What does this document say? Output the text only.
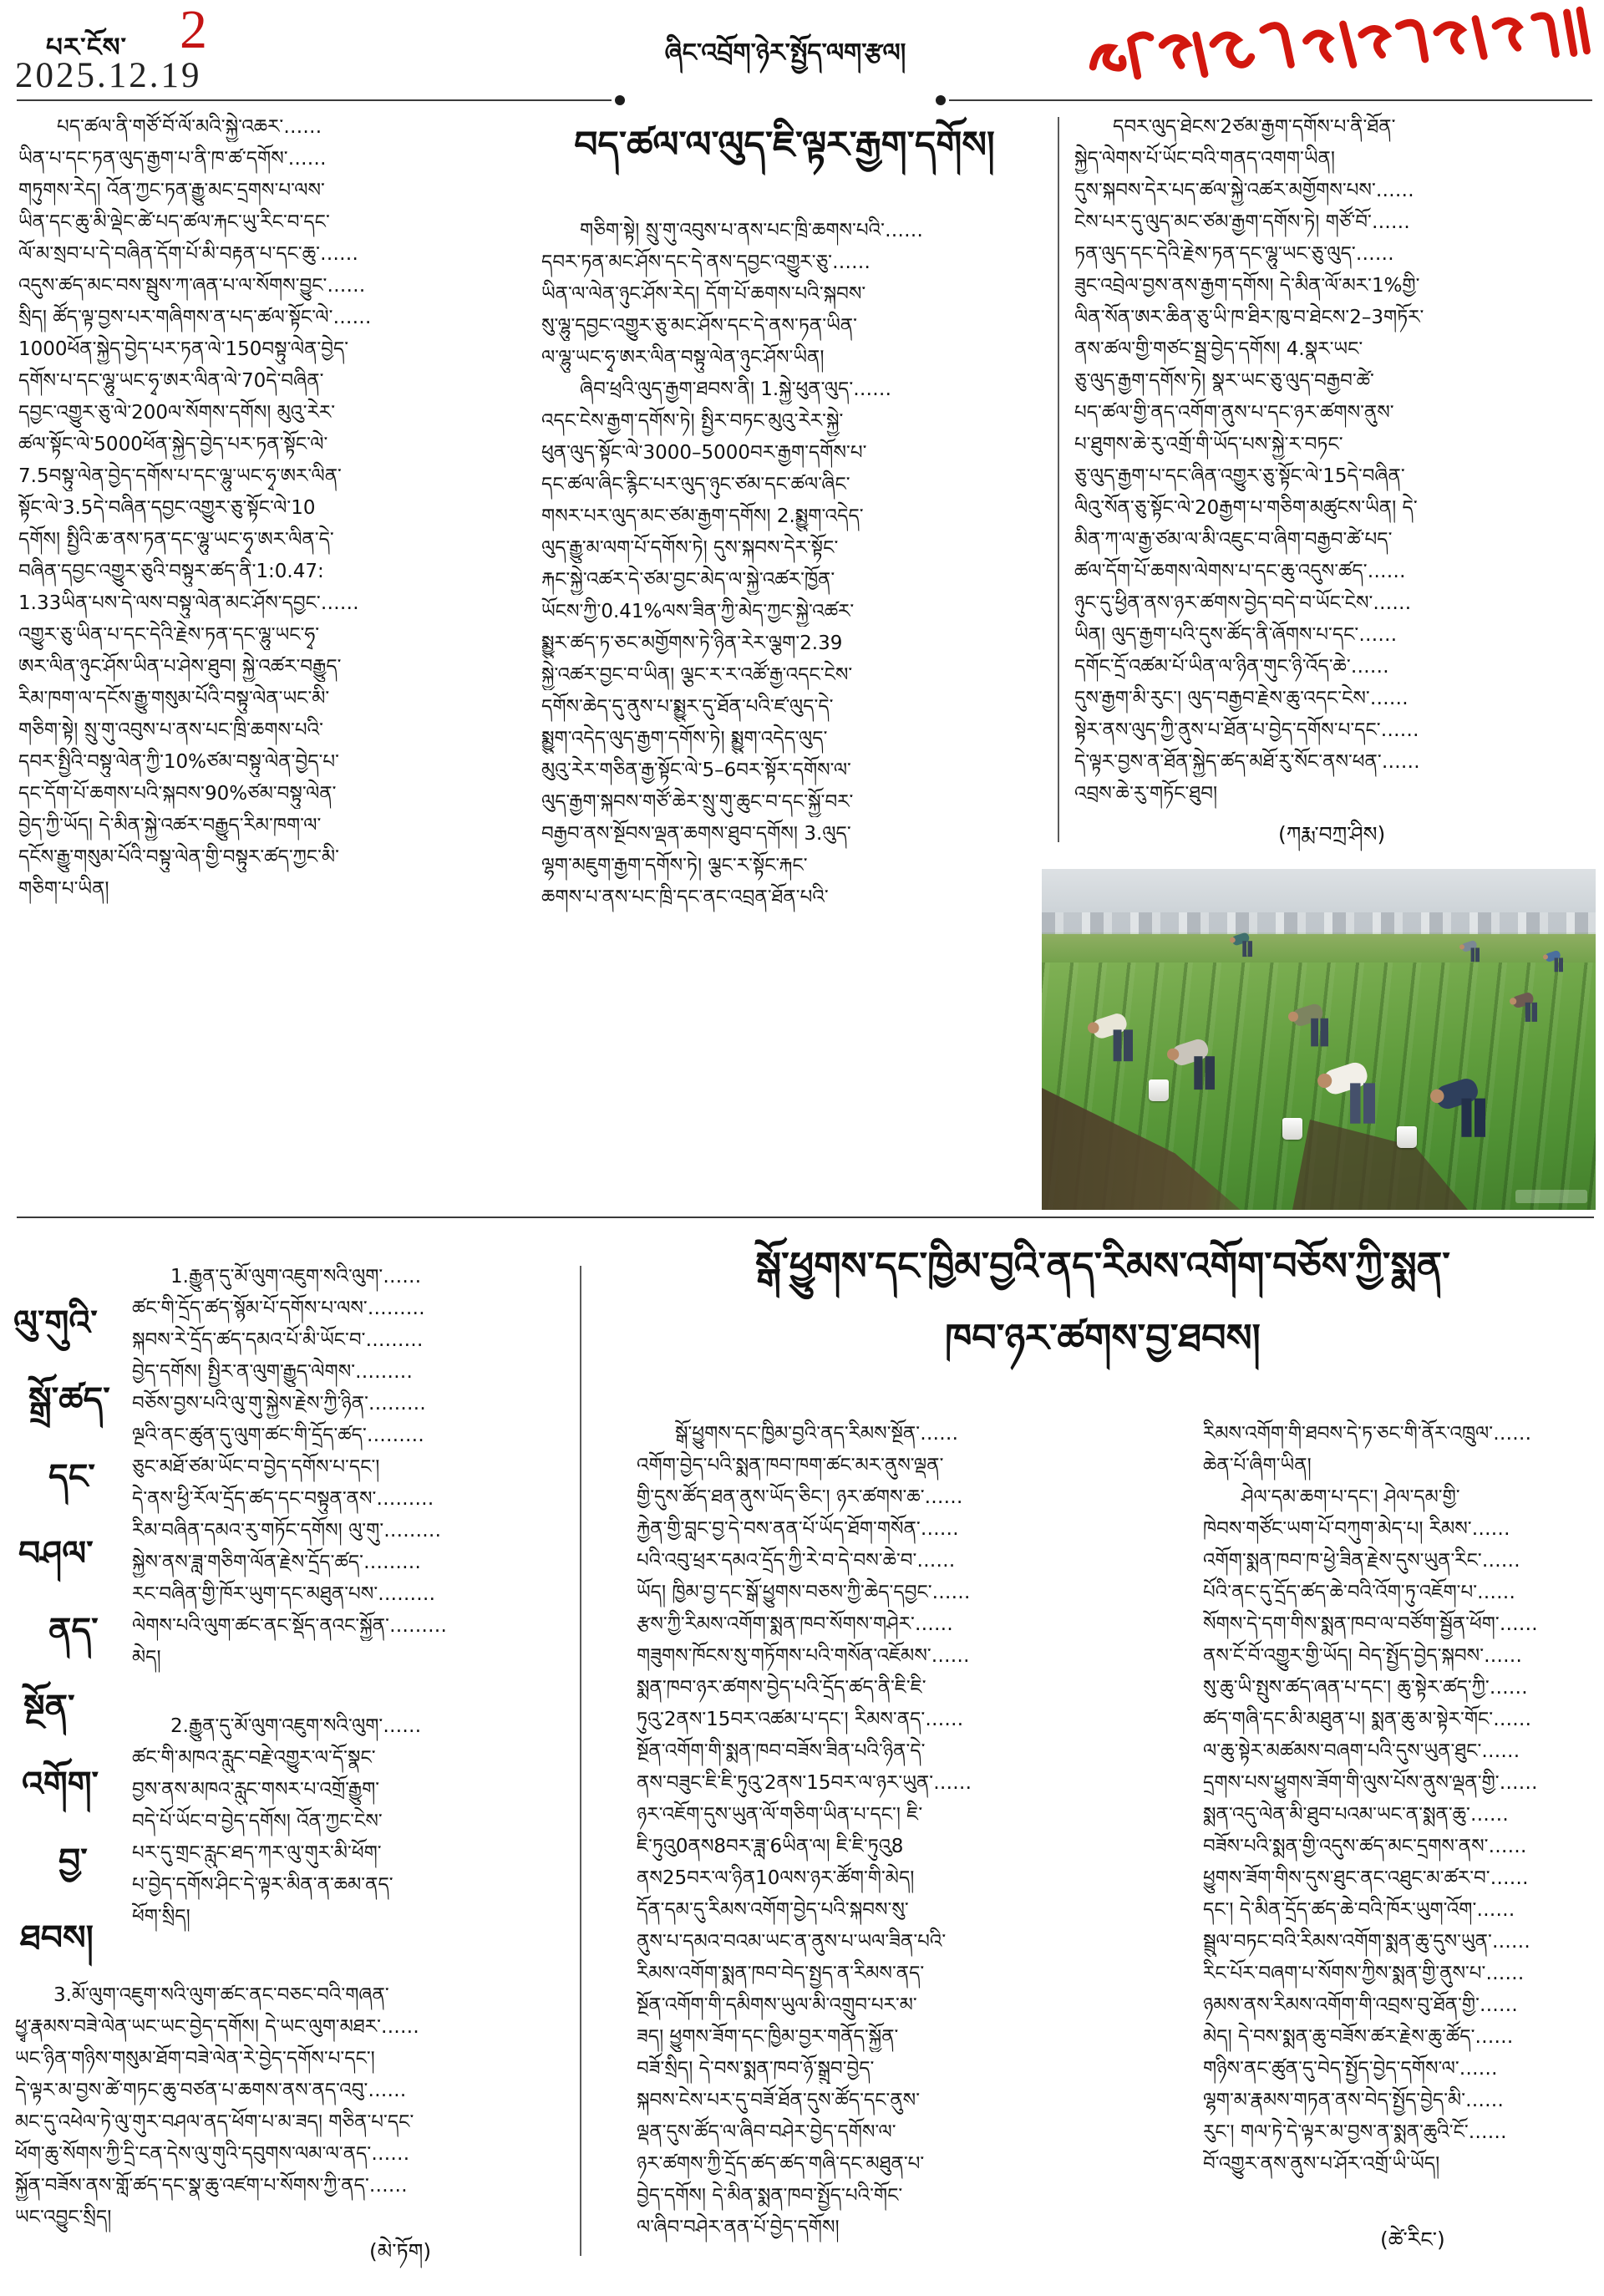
པར་ངོས་ 2
2025.12.19
ཞིང་འབྲོག་ཉེར་སྤྱོད་ལག་རྩལ།
  པད་ཚལ་ནི་གཙོ་བོ་ལོ་མའི་སྐྱེ་འཆར་……
ཡིན་པ་དང་ཏན་ལུད་རྒྱག་པ་ནི་ཁ་ཚ་དགོས་……
གཏུགས་རེད། འོན་ཀྱང་ཏན་རྒྱུ་མང་དྲགས་པ་ལས་
ཡིན་དང་ཆུ་མི་ལྡེང་ཚེ་པད་ཚལ་རྐང་ཡུ་རིང་བ་དང་
ལོ་མ་སྲབ་པ་དེ་བཞིན་དོག་པོ་མི་བརྟན་པ་དང་ཆུ་……
འདུས་ཚད་མང་བས་སྦུས་ཀ་ཞན་པ་ལ་སོགས་བྱུང་……
སྲིད། ཚོད་ལྟ་བྱས་པར་གཞིགས་ན་པད་ཚལ་སྟོང་ལེ་……
1000ཕོན་སྐྱེད་བྱེད་པར་ཏན་ལེ་150བསྟུ་ལེན་བྱེད་
དགོས་པ་དང་ལྷུ་ཡང་ཧྭ་ཨར་ལིན་ལེ་70དེ་བཞིན་
དབྱང་འགྱུར་ཅུ་ལེ་200ལ་སོགས་དགོས། མུའུ་རེར་
ཚལ་སྟོང་ལེ་5000ཕོན་སྐྱེད་བྱེད་པར་ཏན་སྟོང་ལེ་
7.5བསྟུ་ལེན་བྱེད་དགོས་པ་དང་ལྷུ་ཡང་ཧྭ་ཨར་ལིན་
སྟོང་ལེ་3.5དེ་བཞིན་དབྱང་འགྱུར་ཅུ་སྟོང་ལེ་10
དགོས། སྤྱིའི་ཆ་ནས་ཏན་དང་ལྷུ་ཡང་ཧྭ་ཨར་ལིན་དེ་
བཞིན་དབྱང་འགྱུར་ཅུའི་བསྟུར་ཚད་ནི་1:0.47:
1.33ཡིན་པས་དེ་ལས་བསྟུ་ལེན་མང་ཤོས་དབྱང་……
འགྱུར་ཅུ་ཡིན་པ་དང་དེའི་རྗེས་ཏན་དང་ལྷུ་ཡང་ཧྭ་
ཨར་ལིན་ཉུང་ཤོས་ཡིན་པ་ཤེས་ཐུབ། སྐྱེ་འཚར་བརྒྱུད་
རིམ་ཁག་ལ་དངོས་རྒྱུ་གསུམ་པོའི་བསྟུ་ལེན་ཡང་མི་
གཅིག་སྟེ། སྲུ་གུ་འབུས་པ་ནས་པང་ཁྲི་ཆགས་པའི་
དབར་སྤྱིའི་བསྟུ་ལེན་ཀྱི་10%ཙམ་བསྟུ་ལེན་བྱེད་པ་
དང་དོག་པོ་ཆགས་པའི་སྐབས་90%ཙམ་བསྟུ་ལེན་
བྱེད་ཀྱི་ཡོད། དེ་མིན་སྐྱེ་འཚར་བརྒྱུད་རིམ་ཁག་ལ་
དངོས་རྒྱུ་གསུམ་པོའི་བསྟུ་ལེན་གྱི་བསྟུར་ཚད་ཀྱང་མི་
གཅིག་པ་ཡིན།
བད་ཚལ་ལ་ལུད་ཇི་ལྟར་རྒྱག་དགོས།
  གཅིག་སྟེ། སྲུ་གུ་འབུས་པ་ནས་པང་ཁྲི་ཆགས་པའི་……
དབར་ཏན་མང་ཤོས་དང་དེ་ནས་དབྱང་འགྱུར་ཅུ་……
ཡིན་ལ་ལེན་ཉུང་ཤོས་རེད། དོག་པོ་ཆགས་པའི་སྐབས་
སུ་ལྷུ་དབྱང་འགྱུར་ཅུ་མང་ཤོས་དང་དེ་ནས་ཏན་ཡིན་
ལ་ལྷུ་ཡང་ཧྭ་ཨར་ལིན་བསྟུ་ལེན་ཉུང་ཤོས་ཡིན།
  ཞིབ་ཕྲའི་ལུད་རྒྱག་ཐབས་ནི། 1.སྐྱེ་ཕུན་ལུད་……
འདང་ངེས་རྒྱག་དགོས་ཏེ། སྤྱིར་བཏང་མུའུ་རེར་སྐྱེ་
ཕུན་ལུད་སྟོང་ལེ་3000–5000བར་རྒྱག་དགོས་པ་
དང་ཚལ་ཞིང་རྙིང་པར་ལུད་ཉུང་ཙམ་དང་ཚལ་ཞིང་
གསར་པར་ལུད་མང་ཙམ་རྒྱག་དགོས། 2.སྨྱུག་འདེད་
ལུད་རྒྱུ་མ་ལག་པོ་དགོས་ཏེ། དུས་སྐབས་དེར་སྟོང་
རྐང་སྐྱེ་འཚར་དེ་ཙམ་བྱང་མེད་ལ་སྐྱེ་འཚར་ཁྱོན་
ཡོངས་ཀྱི་0.41%ལས་ཟིན་ཀྱི་མེད་ཀྱང་སྐྱེ་འཚར་
སྨྱུར་ཚད་ཏ་ཅང་མགྱོགས་ཏེ་ཉིན་རེར་ལྕག་2.39
སྐྱེ་འཚར་བྱང་བ་ཡིན། ལྕང་ར་ར་འཚོ་རྒྱ་འདང་ངེས་
དགོས་ཆེད་དུ་ནུས་པ་སྨྱུར་དུ་ཐོན་པའི་ཛ་ལུད་དེ་
སྨྱུག་འདེད་ལུད་རྒྱག་དགོས་ཏེ། སྨྱུག་འདེད་ལུད་
མུའུ་རེར་གཅིན་རྒྱ་སྟོང་ལེ་5–6བར་སྟོར་དགོས་ལ་
ལུད་རྒྱག་སྐབས་གཙོ་ཆེར་སྲུ་གུ་ཆུང་བ་དང་སྐྱོ་བར་
བརྒྱབ་ནས་སྔོབས་ལྡན་ཆགས་ཐུབ་དགོས། 3.ལུད་
ལྷག་མཇུག་རྒྱག་དགོས་ཏེ། ལྕང་ར་སྟོང་རྐང་
ཆགས་པ་ནས་པང་ཁྲི་དང་ནང་འབྲན་ཐོན་པའི་
  དབར་ལུད་ཐེངས་2ཙམ་རྒྱག་དགོས་པ་ནི་ཐོན་
སྐྱེད་ལེགས་པོ་ཡོང་བའི་གནད་འགག་ཡིན།
དུས་སྐབས་དེར་པད་ཚལ་སྐྱེ་འཚར་མགྱོགས་པས་……
ངེས་པར་དུ་ལུད་མང་ཙམ་རྒྱག་དགོས་ཏེ། གཙོ་བོ་……
ཏན་ལུད་དང་དེའི་རྗེས་ཏན་དང་ལྷུ་ཡང་ཅུ་ལུད་……
ཟུང་འབྲེལ་བྱས་ནས་རྒྱག་དགོས། དེ་མིན་ལོ་མར་1%གྱི་
ལིན་སོན་ཨར་ཆིན་ཅུ་ཡི་ཁ་ཐིར་ཁུ་བ་ཐེངས་2–3གཏོར་
ནས་ཚལ་གྱི་གཙང་སྦྲ་བྱེད་དགོས། 4.སྣར་ཡང་
ཅུ་ལུད་རྒྱག་དགོས་ཏེ། སྣར་ཡང་ཅུ་ལུད་བརྒྱབ་ཚེ་
པད་ཚལ་གྱི་ནད་འགོག་ནུས་པ་དང་ཉར་ཚགས་ནུས་
པ་ཐུགས་ཆེ་རུ་འགྲོ་གི་ཡོད་པས་སྐྱེ་ར་བཏང་
ཅུ་ལུད་རྒྱག་པ་དང་ཞིན་འགྱུར་ཅུ་སྟོང་ལེ་15དེ་བཞིན་
ལིའུ་སོན་ཅུ་སྟོང་ལེ་20རྒྱག་པ་གཅིག་མཚུངས་ཡིན། དེ་
མིན་ཀ་ལ་རྒྱ་ཙམ་ལ་མི་འཇུང་བ་ཞིག་བརྒྱབ་ཚེ་པད་
ཚལ་དོག་པོ་ཆགས་ལེགས་པ་དང་ཆུ་འདུས་ཚད་……
ཉུང་དུ་ཕྱིན་ནས་ཉར་ཚགས་བྱེད་བདེ་བ་ཡོང་ངེས་……
ཡིན། ལུད་རྒྱག་པའི་དུས་ཚོད་ནི་ཞོགས་པ་དང་……
དགོང་དྲོ་འཚམ་པོ་ཡིན་ལ་ཉིན་གུང་ཉི་འོད་ཆེ་……
དུས་རྒྱག་མི་རུང་། ལུད་བརྒྱབ་རྗེས་ཆུ་འདང་ངེས་……
སྟེར་ནས་ལུད་ཀྱི་ནུས་པ་ཐོན་པ་བྱེད་དགོས་པ་དང་……
དེ་ལྟར་བྱས་ན་ཐོན་སྐྱེད་ཚད་མཐོ་རུ་སོང་ནས་ཕན་……
འབྲས་ཆེ་རུ་གཏོང་ཐུབ།
(ཀརྨ་བཀྲ་ཤིས)
ལུ་གུའི་
སྒྲོ་ཚད་
དང་
བཤལ་
ནད་
སྔོན་
འགོག་
བྱ་
ཐབས།
  1.རྒྱུན་དུ་མོ་ལུག་འཇུག་སའི་ལུག་……
ཚང་གི་དྲོད་ཚད་སྙོམ་པོ་དགོས་པ་ལས་………
སྐབས་རེ་དྲོད་ཚད་དམའ་པོ་མི་ཡོང་བ་………
བྱེད་དགོས། སྤྱིར་ན་ལུག་རྒྱུད་ལེགས་………
བཅོས་བྱས་པའི་ལུ་གུ་སྐྱེས་རྗེས་ཀྱི་ཉིན་………
ལྔའི་ནང་ཚུན་དུ་ལུག་ཚང་གི་དྲོད་ཚད་………
ཅུང་མཐོ་ཙམ་ཡོང་བ་བྱེད་དགོས་པ་དང་།
དེ་ནས་ཕྱི་རོལ་དྲོད་ཚད་དང་བསྟུན་ནས་………
རིམ་བཞིན་དམའ་རུ་གཏོང་དགོས། ལུ་གུ་………
སྐྱེས་ནས་ཟླ་གཅིག་ལོན་རྗེས་དྲོད་ཚད་………
རང་བཞིན་གྱི་ཁོར་ཡུག་དང་མཐུན་པས་………
ལེགས་པའི་ལུག་ཚང་ནང་སྡོད་ནའང་སྐྱོན་………
མེད།
  2.རྒྱུན་དུ་མོ་ལུག་འཇུག་སའི་ལུག་……
ཚང་གི་མཁའ་རླུང་བརྗེ་འགྱུར་ལ་དོ་སྣང་
བྱས་ནས་མཁའ་རླུང་གསར་པ་འགྲོ་རྒྱུག་
བདེ་པོ་ཡོང་བ་བྱེད་དགོས། འོན་ཀྱང་ངེས་
པར་དུ་གྲང་རླུང་ཐད་ཀར་ལུ་གུར་མི་ཕོག་
པ་བྱེད་དགོས་ཤིང་དེ་ལྟར་མིན་ན་ཆམ་ནད་
ཕོག་སྲིད།
  3.མོ་ལུག་འཇུག་སའི་ལུག་ཚང་ནང་བཅང་བའི་གཞན་
ཕྱྭ་རྣམས་བཟེ་ལེན་ཡང་ཡང་བྱེད་དགོས། དེ་ཡང་ལུག་མཐར་……
ཡང་ཉིན་གཉིས་གསུམ་ཐོག་བཟེ་ལེན་རེ་བྱེད་དགོས་པ་དང་།
དེ་ལྟར་མ་བྱས་ཚེ་གཏང་ཆུ་བཙན་པ་ཆགས་ནས་ནད་འབུ་……
མང་དུ་འཕེལ་ཏེ་ལུ་གུར་བཤལ་ནད་ཕོག་པ་མ་ཟད། གཅིན་པ་དང་
ཕོག་ཆུ་སོགས་ཀྱི་དྲི་ངན་དེས་ལུ་གུའི་དབུགས་ལམ་ལ་ནད་……
སྐྱོན་བཟོས་ནས་གློ་ཚད་དང་སྣ་ཆུ་འཛག་པ་སོགས་ཀྱི་ནད་……
ཡང་འབྱུང་སྲིད།
(མེ་ཏོག)
སྒོ་ཕྱུགས་དང་ཁྱིམ་བྱའི་ནད་རིམས་འགོག་བཅོས་ཀྱི་སྨན་
ཁབ་ཉར་ཚགས་བྱ་ཐབས།
  སྒོ་ཕྱུགས་དང་ཁྱིམ་བྱའི་ནད་རིམས་སྔོན་……
འགོག་བྱེད་པའི་སྨན་ཁབ་ཁག་ཚང་མར་ནུས་ལྡན་
གྱི་དུས་ཚོད་ཐན་ནུས་ཡོད་ཅིང་། ཉར་ཚགས་ཆ་……
རྐྱེན་གྱི་བླང་བྱ་དེ་བས་ནན་པོ་ཡོད་ཐོག་གསོན་……
པའི་འབུ་ཕྲར་དམའ་དྲོད་ཀྱི་རེ་བ་དེ་བས་ཆེ་བ་……
ཡོད། ཁྱིམ་བྱ་དང་སྒོ་ཕྱུགས་བཅས་ཀྱི་ཆེད་དབྱང་……
རྩས་ཀྱི་རིམས་འགོག་སྨན་ཁབ་སོགས་གཤེར་……
གཟུགས་ཁོངས་སུ་གཏོགས་པའི་གསོན་འཇོམས་……
སྨན་ཁབ་ཉར་ཚགས་བྱེད་པའི་དྲོད་ཚད་ནི་ཇི་ཇི་
ཏུའུ་2ནས་15བར་འཚམ་པ་དང་། རིམས་ནད་……
སྔོན་འགོག་གི་སྨན་ཁབ་བཟོས་ཟིན་པའི་ཉིན་དེ་
ནས་བཟུང་ཇི་ཇི་ཏུའུ་2ནས་15བར་ལ་ཉར་ཡུན་……
ཉར་འཇོག་དུས་ཡུན་ལོ་གཅིག་ཡིན་པ་དང་། ཇི་
ཇི་ཏུའུ0ནས8བར་ཟླ་6ཡིན་ལ། ཇི་ཇི་ཏུའུ8
ནས25བར་ལ་ཉིན10ལས་ཉར་ཚོག་གི་མེད།
དོན་དམ་དུ་རིམས་འགོག་བྱེད་པའི་སྐབས་སུ་
ནུས་པ་དམའ་བའམ་ཡང་ན་ནུས་པ་ཡལ་ཟིན་པའི་
རིམས་འགོག་སྨན་ཁབ་བེད་སྤྱད་ན་རིམས་ནད་
སྔོན་འགོག་གི་དམིགས་ཡུལ་མི་འགྲུབ་པར་མ་
ཟད། ཕྱུགས་ཟོག་དང་ཁྱིམ་བྱར་གནོད་སྐྱོན་
བཟོ་སྲིད། དེ་བས་སྨན་ཁབ་ཉོ་སྒྲུབ་བྱེད་
སྐབས་ངེས་པར་དུ་བཟོ་ཐོན་དུས་ཚོད་དང་ནུས་
ལྡན་དུས་ཚོད་ལ་ཞིབ་བཤེར་བྱེད་དགོས་ལ་
ཉར་ཚགས་ཀྱི་དྲོད་ཚད་ཚད་གཞི་དང་མཐུན་པ་
བྱེད་དགོས། དེ་མིན་སྨན་ཁབ་སྤྱོད་པའི་གོང་
ལ་ཞིབ་བཤེར་ནན་པོ་བྱེད་དགོས།
རིམས་འགོག་གི་ཐབས་དེ་ཏ་ཅང་གི་ནོར་འཁྲུལ་……
ཆེན་པོ་ཞིག་ཡིན།
  ཤེལ་དམ་ཆག་པ་དང་། ཤེལ་དམ་གྱི་
ཁེབས་གཙོང་ཡག་པོ་བཀུག་མེད་པ། རིམས་……
འགོག་སྨན་ཁབ་ཁ་ཕྱེ་ཟིན་རྗེས་དུས་ཡུན་རིང་……
པོའི་ནང་དུ་དྲོད་ཚད་ཆེ་བའི་འོག་ཏུ་འཇོག་པ་……
སོགས་དེ་དག་གིས་སྨན་ཁབ་ལ་བཙོག་སྦྱོན་ཕོག་……
ནས་ངོ་བོ་འགྱུར་གྱི་ཡོད། བེད་སྤྱོད་བྱེད་སྐབས་……
སུ་ཆུ་ཡི་སྤུས་ཚད་ཞན་པ་དང་། ཆུ་སྟེར་ཚད་ཀྱི་……
ཚད་གཞི་དང་མི་མཐུན་པ། སྨན་ཆུ་མ་སྟེར་གོང་……
ལ་ཆུ་སྟེར་མཚམས་བཞག་པའི་དུས་ཡུན་ཐུང་……
དྲགས་པས་ཕྱུགས་ཟོག་གི་ལུས་པོས་ནུས་ལྡན་གྱི་……
སྨན་འདུ་ལེན་མི་ཐུབ་པའམ་ཡང་ན་སྨན་ཆུ་……
བཟོས་པའི་སྨན་གྱི་འདུས་ཚད་མང་དྲགས་ནས་……
ཕྱུགས་ཟོག་གིས་དུས་ཐུང་ནང་འཐུང་མ་ཚར་བ་……
དང་། དེ་མིན་དྲོད་ཚད་ཆེ་བའི་ཁོར་ཡུག་འོག་……
སྦྲུལ་བཏང་བའི་རིམས་འགོག་སྨན་ཆུ་དུས་ཡུན་……
རིང་པོར་བཞག་པ་སོགས་ཀྱིས་སྨན་གྱི་ནུས་པ་……
ཉམས་ནས་རིམས་འགོག་གི་འབྲས་བུ་ཐོན་གྱི་……
མེད། དེ་བས་སྨན་ཆུ་བཟོས་ཚར་རྗེས་ཆུ་ཚོད་……
གཉིས་ནང་ཚུན་དུ་བེད་སྤྱོད་བྱེད་དགོས་ལ་……
ལྷག་མ་རྣམས་གཏན་ནས་བེད་སྤྱོད་བྱེད་མི་……
རུང་། གལ་ཏེ་དེ་ལྟར་མ་བྱས་ན་སྨན་ཆུའི་ངོ་……
བོ་འགྱུར་ནས་ནུས་པ་ཤོར་འགྲོ་ཡི་ཡོད།
(ཚེ་རིང་)
